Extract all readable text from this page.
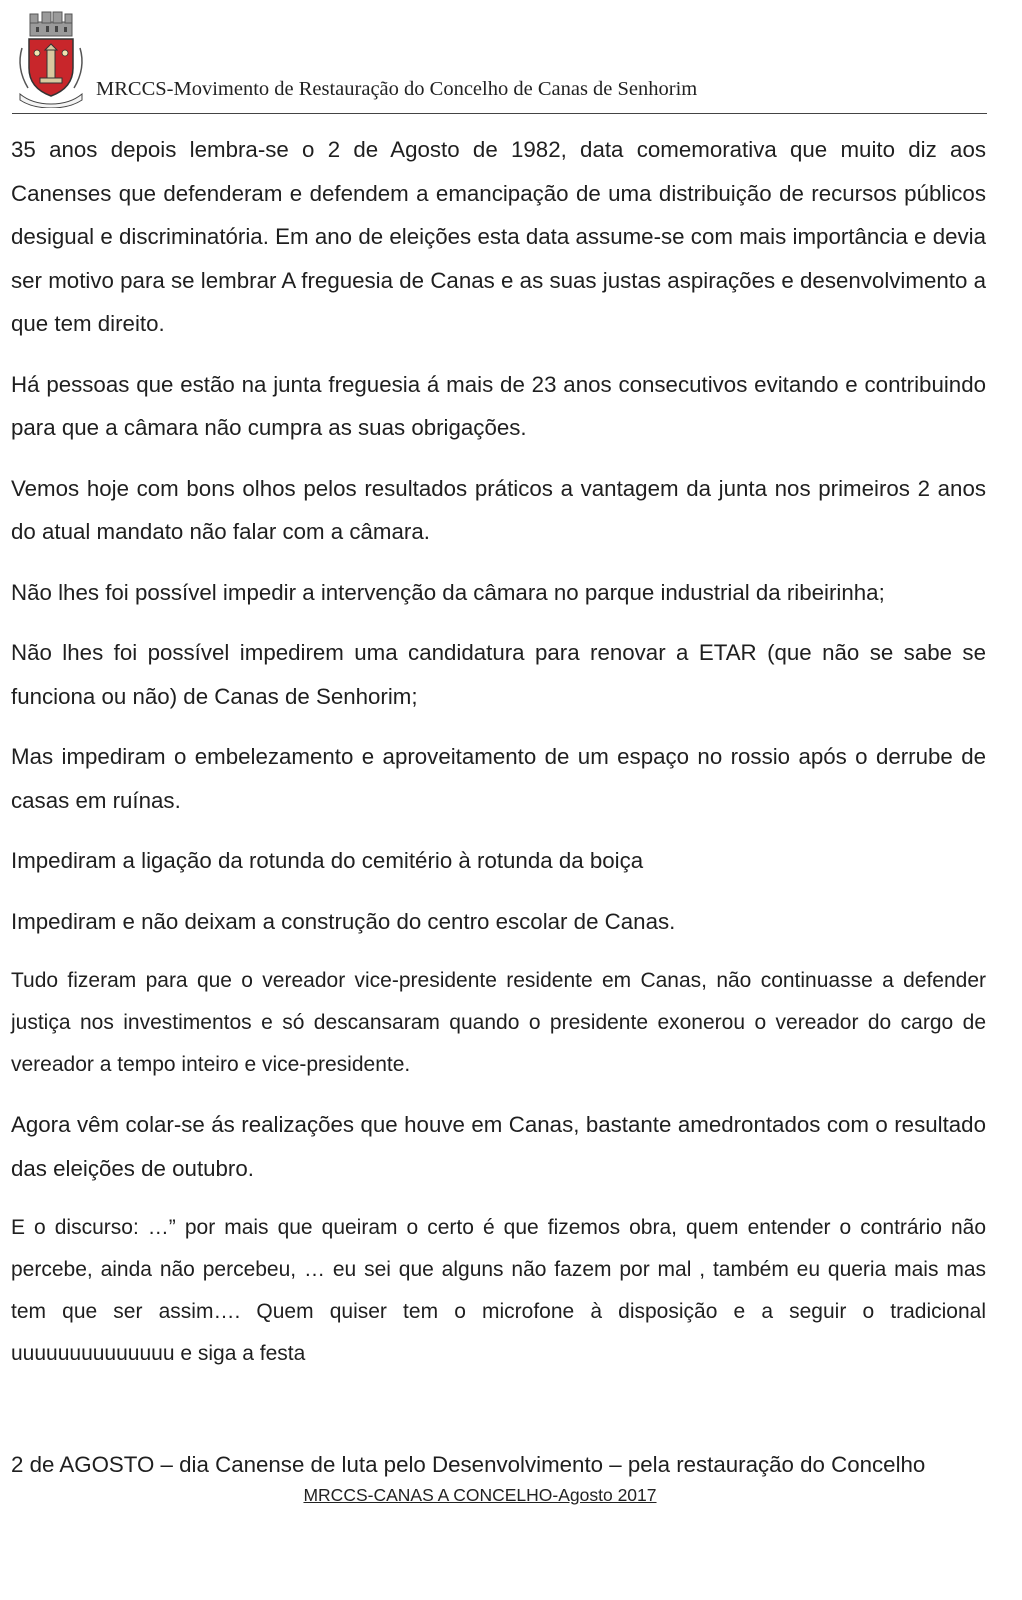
MRCCS-Movimento de Restauração do Concelho de Canas de Senhorim

35 anos depois lembra-se o 2 de Agosto de 1982, data comemorativa que muito diz aos Canenses que defenderam e defendem a emancipação de uma distribuição de recursos públicos desigual e discriminatória. Em ano de eleições esta data assume-se com mais importância e devia ser motivo para se lembrar A freguesia de Canas e as suas justas aspirações e desenvolvimento a que tem direito.

Há pessoas que estão na junta freguesia á mais de 23 anos consecutivos evitando e contribuindo para que a câmara não cumpra as suas obrigações.

Vemos hoje com bons olhos pelos resultados práticos a vantagem da junta nos primeiros 2 anos do atual mandato não falar com a câmara.

Não lhes foi possível impedir a intervenção da câmara no parque industrial da ribeirinha;

Não lhes foi possível impedirem uma candidatura para renovar a ETAR (que não se sabe se funciona ou não) de Canas de Senhorim;

Mas impediram o embelezamento e aproveitamento de um espaço no rossio após o derrube de casas em ruínas.

Impediram a ligação da rotunda do cemitério à rotunda da boiça

Impediram e não deixam a construção do centro escolar de Canas.

Tudo fizeram para que o vereador vice-presidente residente em Canas, não continuasse a defender justiça nos investimentos e só descansaram quando o presidente exonerou o vereador do cargo de vereador a tempo inteiro e vice-presidente.

Agora vêm colar-se ás realizações que houve em Canas, bastante amedrontados com o resultado das eleições de outubro.

E o discurso: …” por mais que queiram o certo é que fizemos obra, quem entender o contrário não percebe, ainda não percebeu, … eu sei que alguns não fazem por mal , também eu queria mais mas tem que ser assim…. Quem quiser tem o microfone à disposição e a seguir o tradicional uuuuuuuuuuuuuu e siga a festa

2 de AGOSTO – dia Canense de luta pelo Desenvolvimento – pela restauração do Concelho
MRCCS-CANAS A CONCELHO-Agosto 2017
